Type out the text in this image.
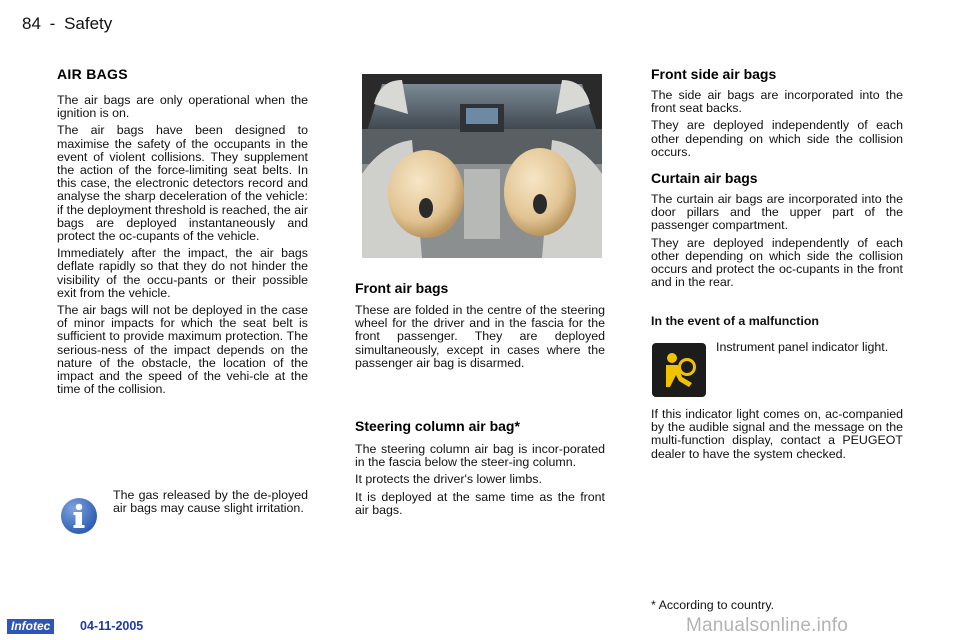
84 - Safety
AIR BAGS

The air bags are only operational when the ignition is on.

The air bags have been designed to maximise the safety of the occupants in the event of violent collisions. They supplement the action of the force-limiting seat belts. In this case, the electronic detectors record and analyse the sharp deceleration of the vehicle: if the deployment threshold is reached, the air bags are deployed instantaneously and protect the oc-cupants of the vehicle.

Immediately after the impact, the air bags deflate rapidly so that they do not hinder the visibility of the occu-pants or their possible exit from the vehicle.

The air bags will not be deployed in the case of minor impacts for which the seat belt is sufficient to provide maximum protection. The serious-ness of the impact depends on the nature of the obstacle, the location of the impact and the speed of the vehi-cle at the time of the collision.

The gas released by the de-ployed air bags may cause slight irritation.

Front air bags

These are folded in the centre of the steering wheel for the driver and in the fascia for the front passenger. They are deployed simultaneously, except in cases where the passenger air bag is disarmed.

Steering column air bag*

The steering column air bag is incor-porated in the fascia below the steer-ing column.

It protects the driver's lower limbs.

It is deployed at the same time as the front air bags.

Front side air bags

The side air bags are incorporated into the front seat backs.

They are deployed independently of each other depending on which side the collision occurs.

Curtain air bags

The curtain air bags are incorporated into the door pillars and the upper part of the passenger compartment.

They are deployed independently of each other depending on which side the collision occurs and protect the oc-cupants in the front and in the rear.

In the event of a malfunction

Instrument panel indicator light.

If this indicator light comes on, ac-companied by the audible signal and the message on the multi-function display, contact a PEUGEOT dealer to have the system checked.

* According to country.

Infotec	04-11-2005	Manualsonline.info
